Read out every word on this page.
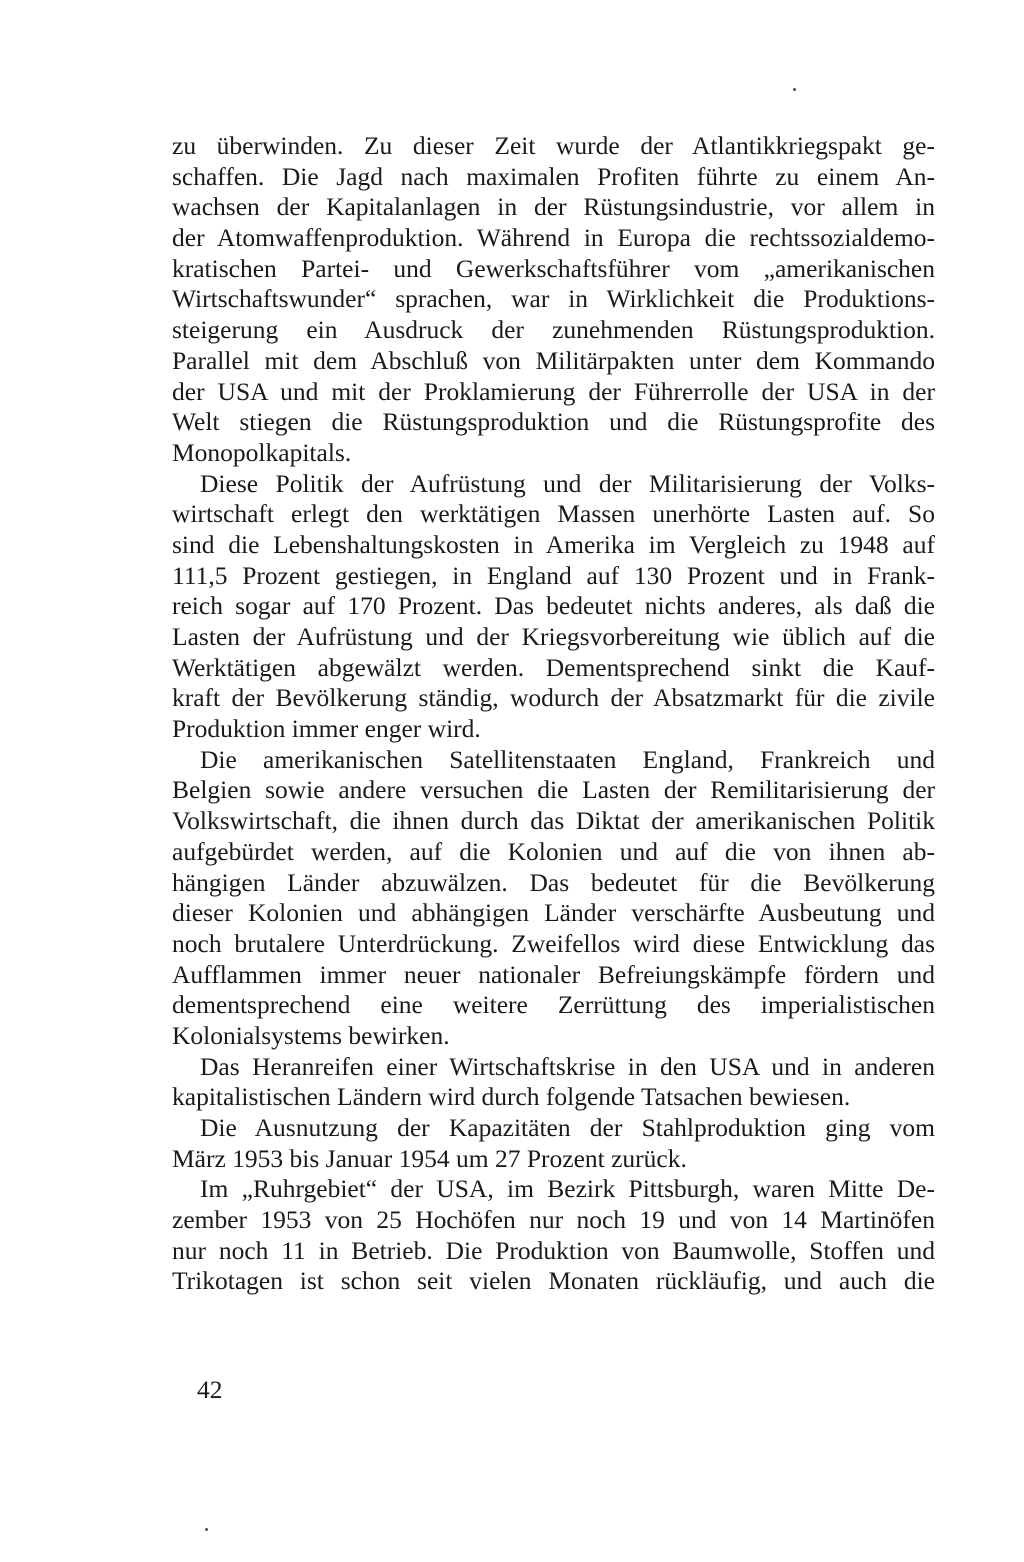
zu überwinden. Zu dieser Zeit wurde der Atlantikkriegspakt ge-
schaffen. Die Jagd nach maximalen Profiten führte zu einem An-
wachsen der Kapitalanlagen in der Rüstungsindustrie, vor allem in
der Atomwaffenproduktion. Während in Europa die rechtssozialdemo-
kratischen Partei- und Gewerkschaftsführer vom „amerikanischen
Wirtschaftswunder“ sprachen, war in Wirklichkeit die Produktions-
steigerung ein Ausdruck der zunehmenden Rüstungsproduktion.
Parallel mit dem Abschluß von Militärpakten unter dem Kommando
der USA und mit der Proklamierung der Führerrolle der USA in der
Welt stiegen die Rüstungsproduktion und die Rüstungsprofite des
Monopolkapitals.
Diese Politik der Aufrüstung und der Militarisierung der Volks-
wirtschaft erlegt den werktätigen Massen unerhörte Lasten auf. So
sind die Lebenshaltungskosten in Amerika im Vergleich zu 1948 auf
111,5 Prozent gestiegen, in England auf 130 Prozent und in Frank-
reich sogar auf 170 Prozent. Das bedeutet nichts anderes, als daß die
Lasten der Aufrüstung und der Kriegsvorbereitung wie üblich auf die
Werktätigen abgewälzt werden. Dementsprechend sinkt die Kauf-
kraft der Bevölkerung ständig, wodurch der Absatzmarkt für die zivile
Produktion immer enger wird.
Die amerikanischen Satellitenstaaten England, Frankreich und
Belgien sowie andere versuchen die Lasten der Remilitarisierung der
Volkswirtschaft, die ihnen durch das Diktat der amerikanischen Politik
aufgebürdet werden, auf die Kolonien und auf die von ihnen ab-
hängigen Länder abzuwälzen. Das bedeutet für die Bevölkerung
dieser Kolonien und abhängigen Länder verschärfte Ausbeutung und
noch brutalere Unterdrückung. Zweifellos wird diese Entwicklung das
Aufflammen immer neuer nationaler Befreiungskämpfe fördern und
dementsprechend eine weitere Zerrüttung des imperialistischen
Kolonialsystems bewirken.
Das Heranreifen einer Wirtschaftskrise in den USA und in anderen
kapitalistischen Ländern wird durch folgende Tatsachen bewiesen.
Die Ausnutzung der Kapazitäten der Stahlproduktion ging vom
März 1953 bis Januar 1954 um 27 Prozent zurück.
Im „Ruhrgebiet“ der USA, im Bezirk Pittsburgh, waren Mitte De-
zember 1953 von 25 Hochöfen nur noch 19 und von 14 Martinöfen
nur noch 11 in Betrieb. Die Produktion von Baumwolle, Stoffen und
Trikotagen ist schon seit vielen Monaten rückläufig, und auch die
42
